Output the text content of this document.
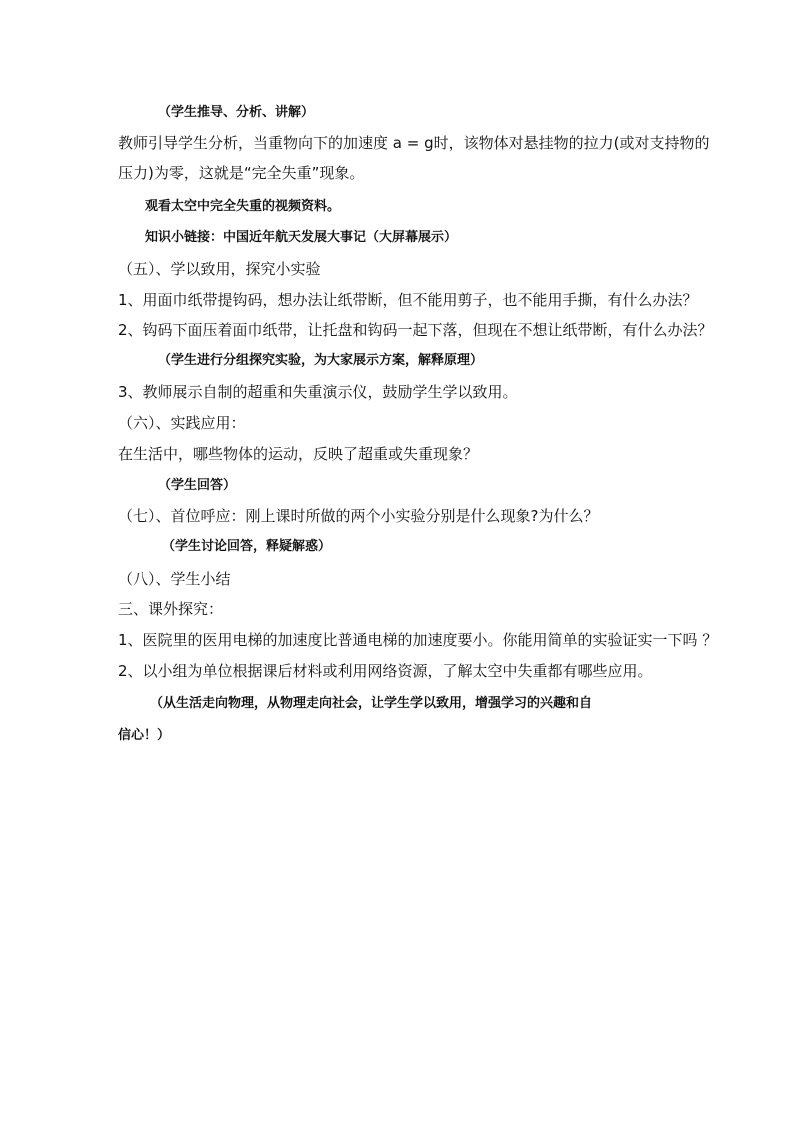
（学生推导、分析、讲解）
教师引导学生分析，当重物向下的加速度 a = g时，该物体对悬挂物的拉力(或对支持物的
压力)为零，这就是“完全失重”现象。
观看太空中完全失重的视频资料。
知识小链接：中国近年航天发展大事记（大屏幕展示）
（五）、学以致用，探究小实验
1、用面巾纸带提钩码，想办法让纸带断，但不能用剪子，也不能用手撕，有什么办法？
2、钩码下面压着面巾纸带，让托盘和钩码一起下落，但现在不想让纸带断，有什么办法？
（学生进行分组探究实验，为大家展示方案，解释原理）
3、教师展示自制的超重和失重演示仪，鼓励学生学以致用。
（六）、实践应用：
在生活中，哪些物体的运动，反映了超重或失重现象？
（学生回答）
（七）、首位呼应：刚上课时所做的两个小实验分别是什么现象?为什么？
（学生讨论回答，释疑解惑）
（八）、学生小结
三、课外探究：
1、医院里的医用电梯的加速度比普通电梯的加速度要小。你能用简单的实验证实一下吗 ？
2、以小组为单位根据课后材料或利用网络资源，了解太空中失重都有哪些应用。
（从生活走向物理，从物理走向社会，让学生学以致用，增强学习的兴趣和自
信心！）
